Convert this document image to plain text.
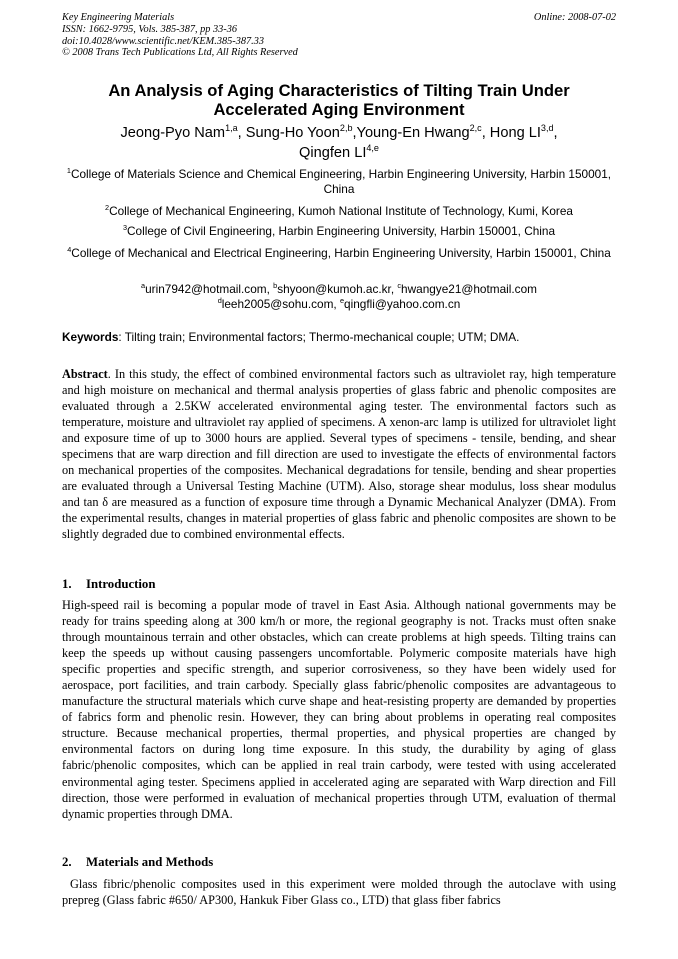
Key Engineering Materials
ISSN: 1662-9795, Vols. 385-387, pp 33-36
doi:10.4028/www.scientific.net/KEM.385-387.33
© 2008 Trans Tech Publications Ltd, All Rights Reserved
Online: 2008-07-02
An Analysis of Aging Characteristics of Tilting Train Under
Accelerated Aging Environment
Jeong-Pyo Nam$^{1,a}$, Sung-Ho Yoon$^{2,b}$,Young-En Hwang$^{2,c}$, Hong LI$^{3,d}$,
Qingfen LI$^{4,e}$
$^1$College of Materials Science and Chemical Engineering, Harbin Engineering University, Harbin 150001, China
$^2$College of Mechanical Engineering, Kumoh National Institute of Technology, Kumi, Korea
$^3$College of Civil Engineering, Harbin Engineering University, Harbin 150001, China
$^4$College of Mechanical and Electrical Engineering, Harbin Engineering University, Harbin 150001, China
$^a$urin7942@hotmail.com, $^b$shyoon@kumoh.ac.kr, $^c$hwangye21@hotmail.com
$^d$leeh2005@sohu.com, $^e$qingfli@yahoo.com.cn
Keywords: Tilting train; Environmental factors; Thermo-mechanical couple; UTM; DMA.
Abstract. In this study, the effect of combined environmental factors such as ultraviolet ray, high temperature and high moisture on mechanical and thermal analysis properties of glass fabric and phenolic composites are evaluated through a 2.5KW accelerated environmental aging tester. The environmental factors such as temperature, moisture and ultraviolet ray applied of specimens. A xenon-arc lamp is utilized for ultraviolet light and exposure time of up to 3000 hours are applied. Several types of specimens - tensile, bending, and shear specimens that are warp direction and fill direction are used to investigate the effects of environmental factors on mechanical properties of the composites. Mechanical degradations for tensile, bending and shear properties are evaluated through a Universal Testing Machine (UTM). Also, storage shear modulus, loss shear modulus and tan δ are measured as a function of exposure time through a Dynamic Mechanical Analyzer (DMA). From the experimental results, changes in material properties of glass fabric and phenolic composites are shown to be slightly degraded due to combined environmental effects.
1. Introduction
High-speed rail is becoming a popular mode of travel in East Asia. Although national governments may be ready for trains speeding along at 300 km/h or more, the regional geography is not. Tracks must often snake through mountainous terrain and other obstacles, which can create problems at high speeds. Tilting trains can keep the speeds up without causing passengers uncomfortable. Polymeric composite materials have high specific properties and specific strength, and superior corrosiveness, so they have been widely used for aerospace, port facilities, and train carbody. Specially glass fabric/phenolic composites are advantageous to manufacture the structural materials which curve shape and heat-resisting property are demanded by properties of fabrics form and phenolic resin. However, they can bring about problems in operating real composites structure. Because mechanical properties, thermal properties, and physical properties are changed by environmental factors on during long time exposure. In this study, the durability by aging of glass fabric/phenolic composites, which can be applied in real train carbody, were tested with using accelerated environmental aging tester. Specimens applied in accelerated aging are separated with Warp direction and Fill direction, those were performed in evaluation of mechanical properties through UTM, evaluation of thermal dynamic properties through DMA.
2. Materials and Methods
Glass fibric/phenolic composites used in this experiment were molded through the autoclave with using prepreg (Glass fabric #650/ AP300, Hankuk Fiber Glass co., LTD) that glass fiber fabrics
